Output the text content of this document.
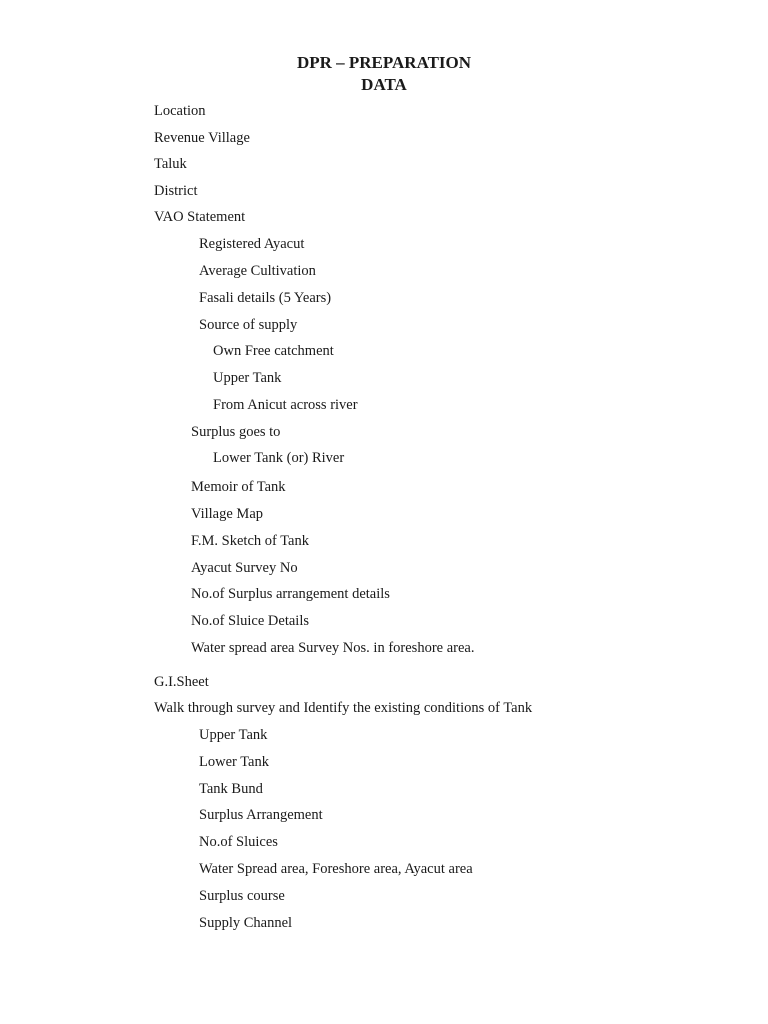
DPR – PREPARATION
DATA
Location
Revenue Village
Taluk
District
VAO Statement
Registered Ayacut
Average Cultivation
Fasali details (5 Years)
Source of supply
Own Free catchment
Upper Tank
From Anicut across river
Surplus goes to
Lower Tank (or) River
Memoir of Tank
Village Map
F.M. Sketch of Tank
Ayacut Survey No
No.of Surplus arrangement details
No.of Sluice Details
Water spread area Survey Nos. in foreshore area.
G.I.Sheet
Walk through survey and Identify the existing conditions of Tank
Upper Tank
Lower Tank
Tank Bund
Surplus Arrangement
No.of Sluices
Water Spread area, Foreshore area, Ayacut area
Surplus course
Supply Channel
